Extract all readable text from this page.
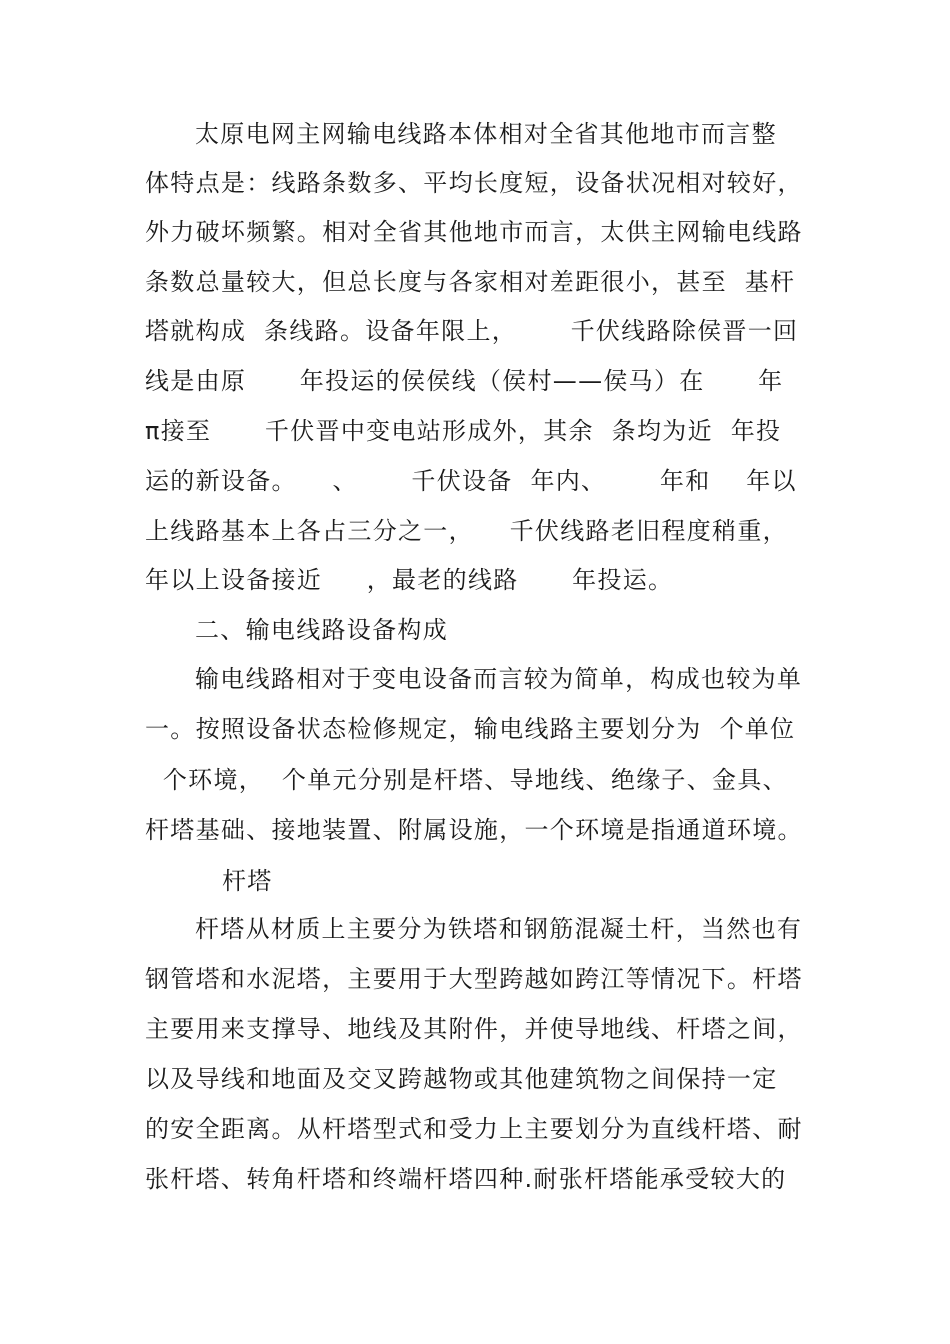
太原电网主网输电线路本体相对全省其他地市而言整
体特点是：线路条数多、平均长度短，设备状况相对较好，
外力破坏频繁。相对全省其他地市而言，太供主网输电线路
条数总量较大，但总长度与各家相对差距很小，甚至  基杆
塔就构成  条线路。设备年限上，      千伏线路除侯晋一回
线是由原      年投运的侯侯线（侯村——侯马）在      年
π接至      千伏晋中变电站形成外，其余  条均为近  年投
运的新设备。    、      千伏设备  年内、      年和    年以
上线路基本上各占三分之一，    千伏线路老旧程度稍重，
年以上设备接近     ，最老的线路      年投运。
二、输电线路设备构成
输电线路相对于变电设备而言较为简单，构成也较为单
一。按照设备状态检修规定，输电线路主要划分为  个单位
个环境，  个单元分别是杆塔、导地线、绝缘子、金具、
杆塔基础、接地装置、附属设施，一个环境是指通道环境。
杆塔
杆塔从材质上主要分为铁塔和钢筋混凝土杆，当然也有
钢管塔和水泥塔，主要用于大型跨越如跨江等情况下。杆塔
主要用来支撑导、地线及其附件，并使导地线、杆塔之间，
以及导线和地面及交叉跨越物或其他建筑物之间保持一定
的安全距离。从杆塔型式和受力上主要划分为直线杆塔、耐
张杆塔、转角杆塔和终端杆塔四种.耐张杆塔能承受较大的
